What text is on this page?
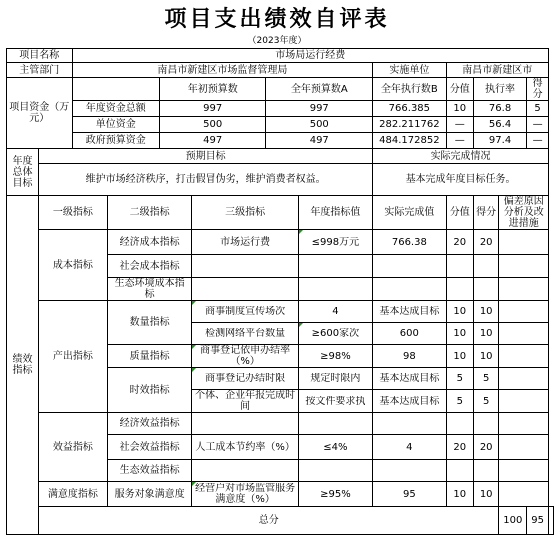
项目支出绩效自评表
（2023年度）
项目名称		市场局运行经费											
主管部门		南昌市新建区市场监督管理局						实施单位	南昌市新建区市				
项目资金（万元）				年初预算数		全年预算数A		全年执行数B	分值	执行率		得分	
		年度资金总额		997		997		766.385	10	76.8		5	
		单位资金		500		500		282.211762	—	56.4		—	
		政府预算资金		497		497		484.172852	—	97.4		—	
年度总体目标	预期目标							实际完成情况					
	维护市场经济秩序，打击假冒伪劣，维护消费者权益。							基本完成年度目标任务。					
绩效指标	一级指标		二级指标		三级指标		年度指标值	实际完成值	分值	得分	偏差原因分析及改进措施		
	成本指标		经济成本指标		市场运行费		≤998万元	766.38	20	20			
			社会成本指标										
			生态环境成本指标										
	产出指标		数量指标		商事制度宣传场次		4	基本达成目标	10	10			

					检测网络平台数量		≥600家次	600	10	10			
			质量指标		商事登记依申办结率（%）		≥98%	98	10	10			
			时效指标		商事登记办结时限		规定时限内	基本达成目标	5	5			

					个体、企业年报完成时间		按文件要求执	基本达成目标	5	5			
	效益指标		经济效益指标										
			社会效益指标		人工成本节约率（%）		≤4%	4	20	20			
			生态效益指标										
	满意度指标		服务对象满意度		经营户对市场监管服务满意度（%）		≥95%	95	10	10			
	总分										100	95	
